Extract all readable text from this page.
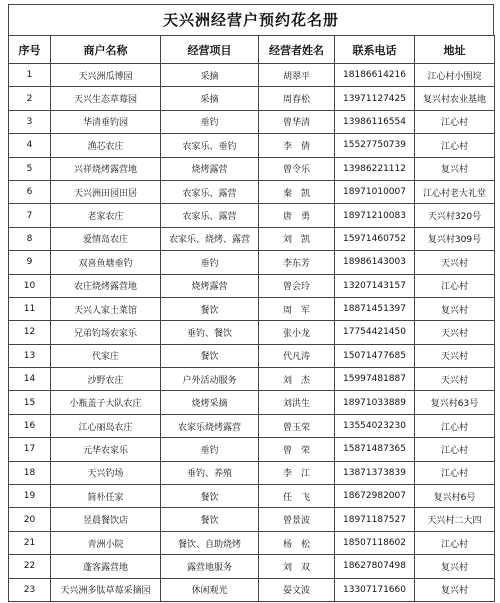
天兴洲经营户预约花名册
序号	商户名称	经营项目	经营者姓名	联系电话	地址
1	天兴洲瓜博园	采摘	胡翠平	18186614216	江心村小围垸
2	天兴生态草莓园	采摘	周春松	13971127425	复兴村农业基地
3	华清垂钓园	垂钓	曾华清	13986116554	江心村
4	渔芯农庄	农家乐、垂钓	李　倩	15527750739	江心村
5	兴祥烧烤露营地	烧烤露营	曾令乐	13986221112	复兴村
6	天兴洲田园田居	农家乐、露营	秦　凯	18971010007	江心村老大礼堂
7	老家农庄	农家乐、露营	唐　勇	18971210083	天兴村320号
8	爱情岛农庄	农家乐、烧烤、露营	刘　凯	15971460752	复兴村309号
9	双喜鱼塘垂钓	垂钓	李东芳	18986143003	天兴村
10	农庄烧烤露营地	烧烤露营	曾会玲	13207143157	江心村
11	天兴人家土菜馆	餐饮	周　军	18871451397	复兴村
12	兄弟钓场农家乐	垂钓、餐饮	张小龙	17754421450	天兴村
13	代家庄	餐饮	代凡涛	15071477685	天兴村
14	沙野农庄	户外活动服务	刘　杰	15997481887	天兴村
15	小瓶盖子大队农庄	烧烤采摘	刘洪生	18971033889	复兴村63号
16	江心丽岛农庄	农家乐烧烤露营	曾玉荣	13554023230	江心村
17	元华农家乐	垂钓	曾　荣	15871487365	江心村
18	天兴钓场	垂钓、养殖	李　江	13871373839	江心村
19	简朴任家	餐饮	任　飞	18672982007	复兴村6号
20	昱晨餐饮店	餐饮	曾景波	18971187527	天兴村二大四
21	青洲小院	餐饮、自助烧烤	杨　松	18507118602	江心村
22	蓬客露营地	露营地服务	刘　双	18627807498	复兴村
23	天兴洲多肽草莓采摘园	休闲观光	晏文波	13307171660	复兴村
